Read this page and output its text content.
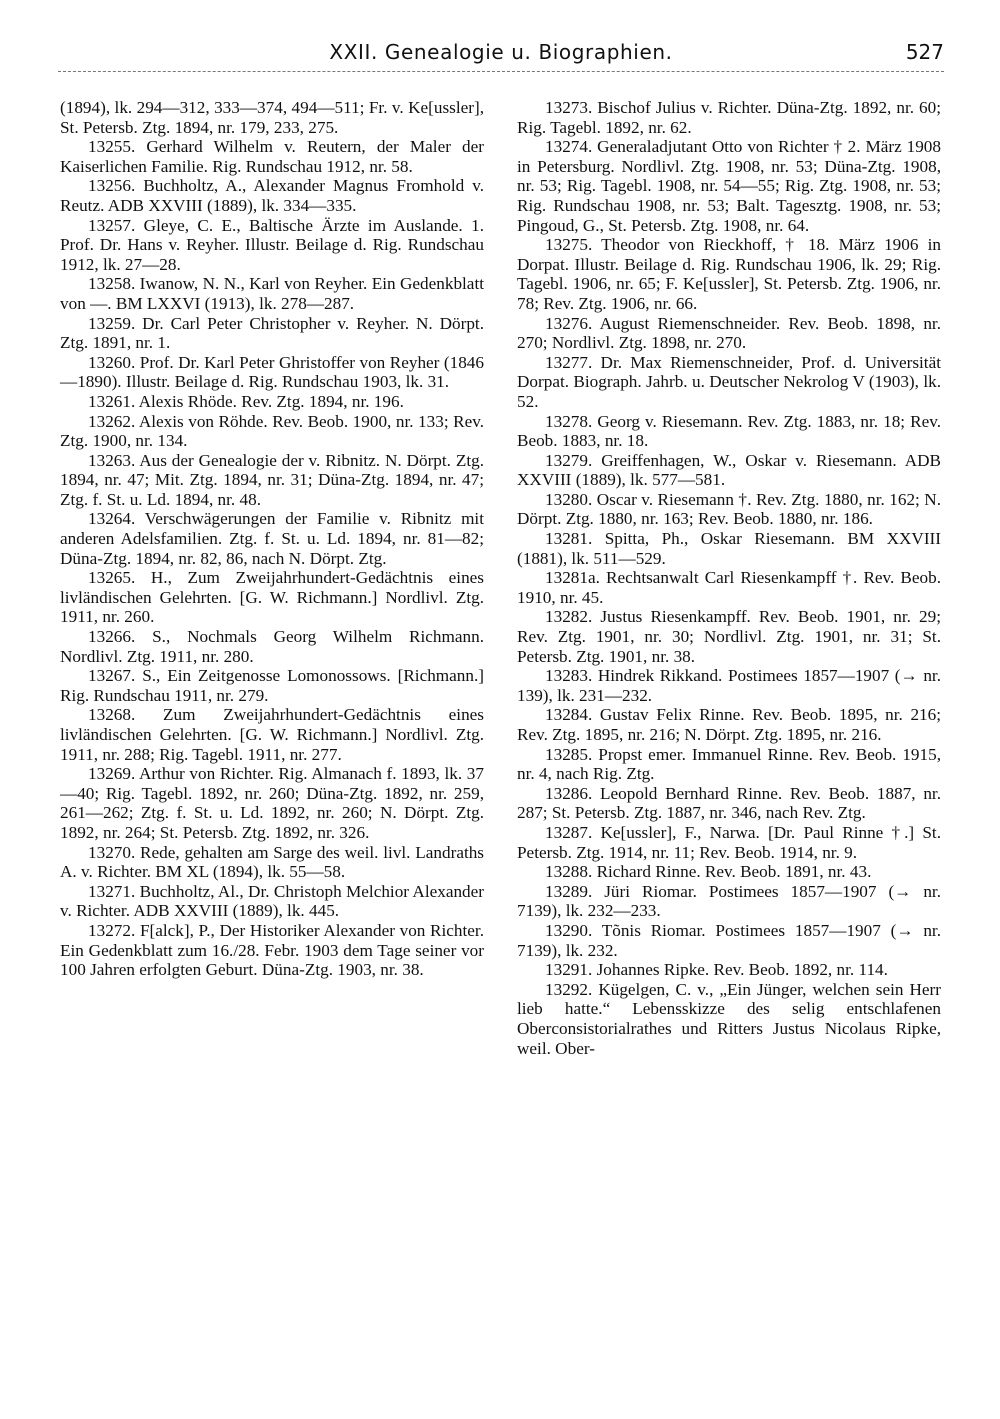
XXII. Genealogie u. Biographien.	527

(1894), lk. 294—312, 333—374, 494—511; Fr. v. Ke[ussler], St. Petersb. Ztg. 1894, nr. 179, 233, 275.

13255. Gerhard Wilhelm v. Reutern, der Maler der Kaiserlichen Familie. Rig. Rundschau 1912, nr. 58.

13256. Buchholtz, A., Alexander Magnus Fromhold v. Reutz. ADB XXVIII (1889), lk. 334—335.

13257. Gleye, C. E., Baltische Ärzte im Auslande. 1. Prof. Dr. Hans v. Reyher. Illustr. Beilage d. Rig. Rundschau 1912, lk. 27—28.

13258. Iwanow, N. N., Karl von Reyher. Ein Gedenkblatt von —. BM LXXVI (1913), lk. 278—287.

13259. Dr. Carl Peter Christopher v. Reyher. N. Dörpt. Ztg. 1891, nr. 1.

13260. Prof. Dr. Karl Peter Ghristoffer von Reyher (1846—1890). Illustr. Beilage d. Rig. Rundschau 1903, lk. 31.

13261. Alexis Rhöde. Rev. Ztg. 1894, nr. 196.

13262. Alexis von Röhde. Rev. Beob. 1900, nr. 133; Rev. Ztg. 1900, nr. 134.

13263. Aus der Genealogie der v. Ribnitz. N. Dörpt. Ztg. 1894, nr. 47; Mit. Ztg. 1894, nr. 31; Düna-Ztg. 1894, nr. 47; Ztg. f. St. u. Ld. 1894, nr. 48.

13264. Verschwägerungen der Familie v. Ribnitz mit anderen Adelsfamilien. Ztg. f. St. u. Ld. 1894, nr. 81—82; Düna-Ztg. 1894, nr. 82, 86, nach N. Dörpt. Ztg.

13265. H., Zum Zweijahrhundert-Gedächtnis eines livländischen Gelehrten. [G. W. Richmann.] Nordlivl. Ztg. 1911, nr. 260.

13266. S., Nochmals Georg Wilhelm Richmann. Nordlivl. Ztg. 1911, nr. 280.

13267. S., Ein Zeitgenosse Lomonossows. [Richmann.] Rig. Rundschau 1911, nr. 279.

13268. Zum Zweijahrhundert-Gedächtnis eines livländischen Gelehrten. [G. W. Richmann.] Nordlivl. Ztg. 1911, nr. 288; Rig. Tagebl. 1911, nr. 277.

13269. Arthur von Richter. Rig. Almanach f. 1893, lk. 37—40; Rig. Tagebl. 1892, nr. 260; Düna-Ztg. 1892, nr. 259, 261—262; Ztg. f. St. u. Ld. 1892, nr. 260; N. Dörpt. Ztg. 1892, nr. 264; St. Petersb. Ztg. 1892, nr. 326.

13270. Rede, gehalten am Sarge des weil. livl. Landraths A. v. Richter. BM XL (1894), lk. 55—58.

13271. Buchholtz, Al., Dr. Christoph Melchior Alexander v. Richter. ADB XXVIII (1889), lk. 445.

13272. F[alck], P., Der Historiker Alexander von Richter. Ein Gedenkblatt zum 16./28. Febr. 1903 dem Tage seiner vor 100 Jahren erfolgten Geburt. Düna-Ztg. 1903, nr. 38.

13273. Bischof Julius v. Richter. Düna-Ztg. 1892, nr. 60; Rig. Tagebl. 1892, nr. 62.

13274. Generaladjutant Otto von Richter † 2. März 1908 in Petersburg. Nordlivl. Ztg. 1908, nr. 53; Düna-Ztg. 1908, nr. 53; Rig. Tagebl. 1908, nr. 54—55; Rig. Ztg. 1908, nr. 53; Rig. Rundschau 1908, nr. 53; Balt. Tagesztg. 1908, nr. 53; Pingoud, G., St. Petersb. Ztg. 1908, nr. 64.

13275. Theodor von Rieckhoff, † 18. März 1906 in Dorpat. Illustr. Beilage d. Rig. Rundschau 1906, lk. 29; Rig. Tagebl. 1906, nr. 65; F. Ke[ussler], St. Petersb. Ztg. 1906, nr. 78; Rev. Ztg. 1906, nr. 66.

13276. August Riemenschneider. Rev. Beob. 1898, nr. 270; Nordlivl. Ztg. 1898, nr. 270.

13277. Dr. Max Riemenschneider, Prof. d. Universität Dorpat. Biograph. Jahrb. u. Deutscher Nekrolog V (1903), lk. 52.

13278. Georg v. Riesemann. Rev. Ztg. 1883, nr. 18; Rev. Beob. 1883, nr. 18.

13279. Greiffenhagen, W., Oskar v. Riesemann. ADB XXVIII (1889), lk. 577—581.

13280. Oscar v. Riesemann †. Rev. Ztg. 1880, nr. 162; N. Dörpt. Ztg. 1880, nr. 163; Rev. Beob. 1880, nr. 186.

13281. Spitta, Ph., Oskar Riesemann. BM XXVIII (1881), lk. 511—529.

13281a. Rechtsanwalt Carl Riesenkampff †. Rev. Beob. 1910, nr. 45.

13282. Justus Riesenkampff. Rev. Beob. 1901, nr. 29; Rev. Ztg. 1901, nr. 30; Nordlivl. Ztg. 1901, nr. 31; St. Petersb. Ztg. 1901, nr. 38.

13283. Hindrek Rikkand. Postimees 1857—1907 (→ nr. 139), lk. 231—232.

13284. Gustav Felix Rinne. Rev. Beob. 1895, nr. 216; Rev. Ztg. 1895, nr. 216; N. Dörpt. Ztg. 1895, nr. 216.

13285. Propst emer. Immanuel Rinne. Rev. Beob. 1915, nr. 4, nach Rig. Ztg.

13286. Leopold Bernhard Rinne. Rev. Beob. 1887, nr. 287; St. Petersb. Ztg. 1887, nr. 346, nach Rev. Ztg.

13287. Ke[ussler], F., Narwa. [Dr. Paul Rinne †.] St. Petersb. Ztg. 1914, nr. 11; Rev. Beob. 1914, nr. 9.

13288. Richard Rinne. Rev. Beob. 1891, nr. 43.

13289. Jüri Riomar. Postimees 1857—1907 (→ nr. 7139), lk. 232—233.

13290. Tõnis Riomar. Postimees 1857—1907 (→ nr. 7139), lk. 232.

13291. Johannes Ripke. Rev. Beob. 1892, nr. 114.

13292. Kügelgen, C. v., „Ein Jünger, welchen sein Herr lieb hatte.“ Lebensskizze des selig entschlafenen Oberconsistorialrathes und Ritters Justus Nicolaus Ripke, weil. Ober-
